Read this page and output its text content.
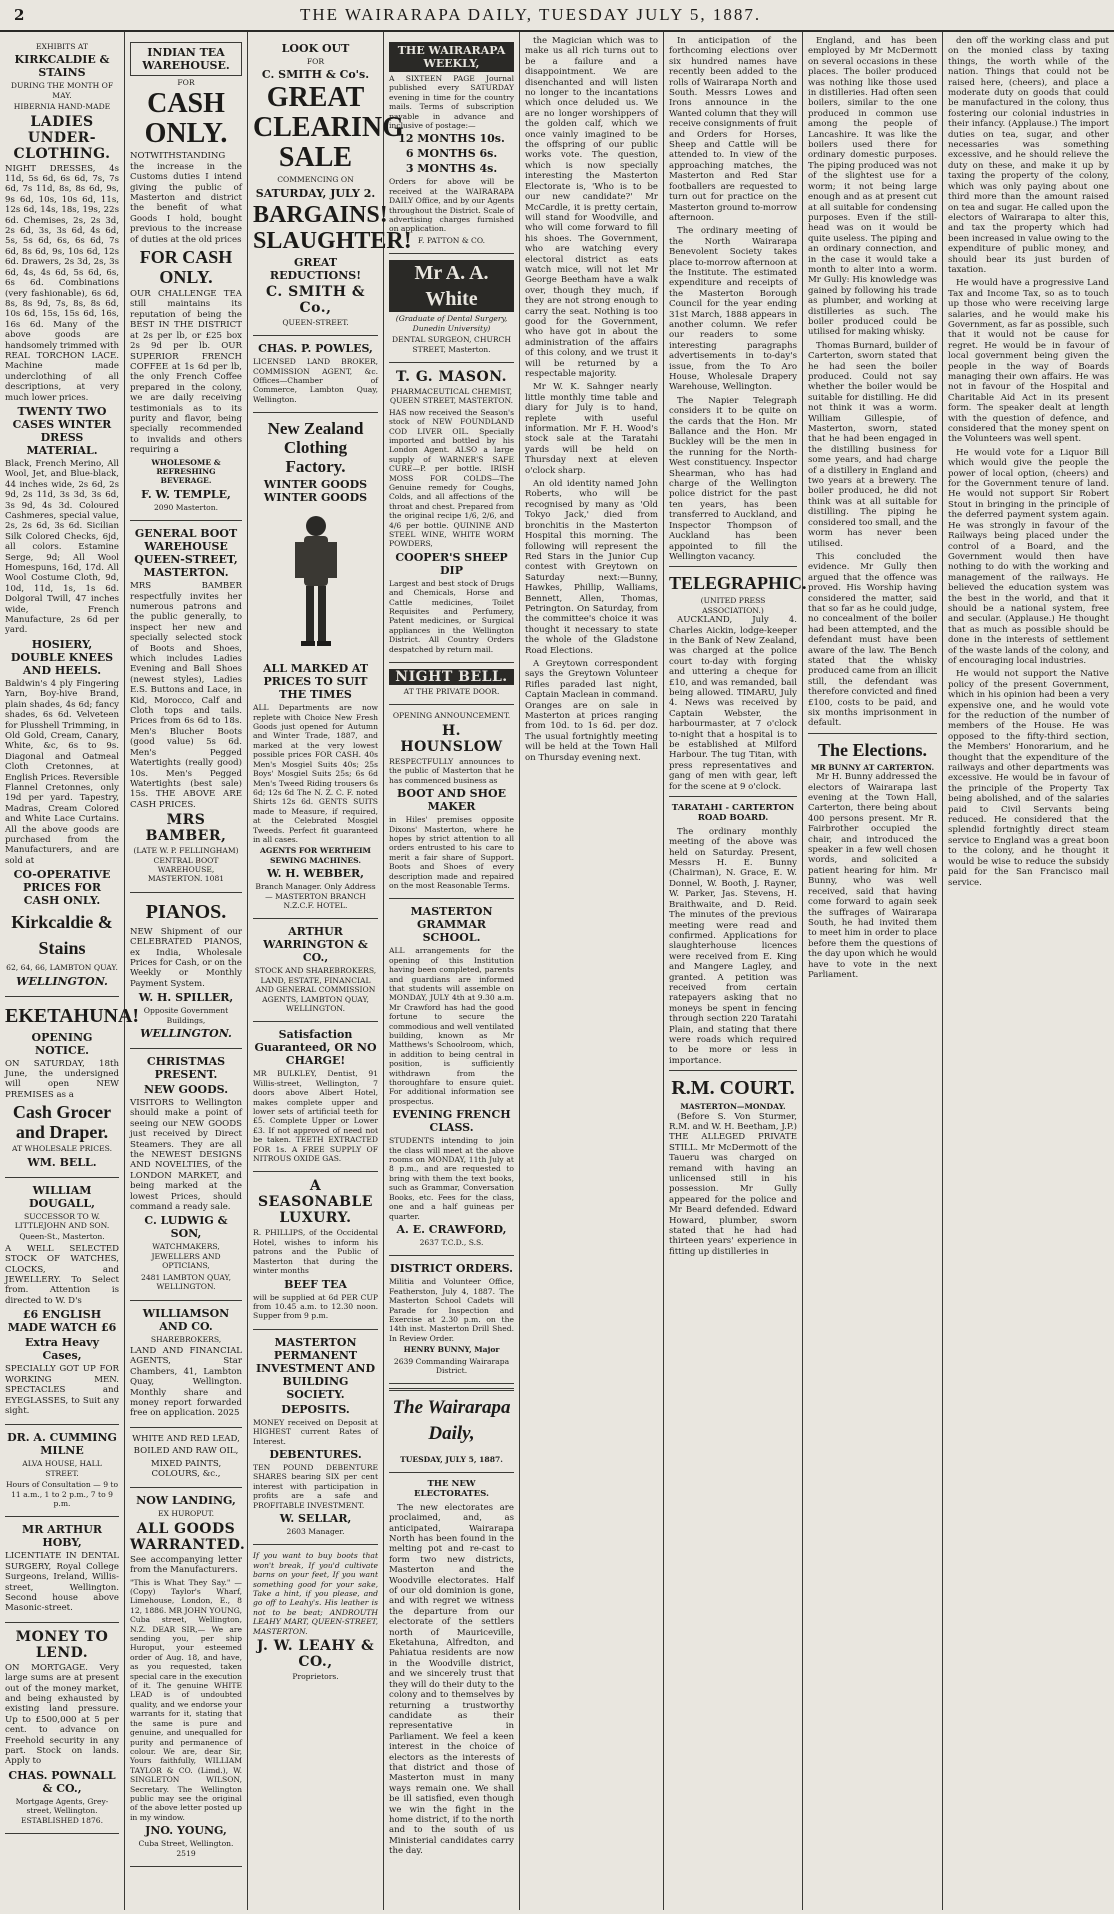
2	THE WAIRARAPA DAILY, TUESDAY JULY 5, 1887.

EXHIBITS AT

KIRKCALDIE & STAINS

DURING THE MONTH OF MAY.

HIBERNIA HAND-MADE

LADIES UNDER-CLOTHING.

NIGHT DRESSES, 4s 11d, 5s 6d, 6s 6d, 7s, 7s 6d, 7s 11d, 8s, 8s 6d, 9s, 9s 6d, 10s, 10s 6d, 11s, 12s 6d, 14s, 18s, 19s, 22s 6d. Chemises, 2s, 2s 3d, 2s 6d, 3s, 3s 6d, 4s 6d, 5s, 5s 6d, 6s, 6s 6d, 7s 6d, 8s 6d, 9s, 10s 6d, 12s 6d. Drawers, 2s 3d, 2s, 3s 6d, 4s, 4s 6d, 5s 6d, 6s, 6s 6d. Combinations (very fashionable), 6s 6d, 8s, 8s 9d, 7s, 8s, 8s 6d, 10s 6d, 15s, 15s 6d, 16s, 16s 6d. Many of the above goods are handsomely trimmed with REAL TORCHON LACE. Machine made underclothing of all descriptions, at very much lower prices.

TWENTY TWO CASES WINTER DRESS MATERIAL.

Black, French Merino, All Wool, Jet, and Blue-black, 44 inches wide, 2s 6d, 2s 9d, 2s 11d, 3s 3d, 3s 6d, 3s 9d, 4s 3d. Coloured Cashmeres, special value, 2s, 2s 6d, 3s 6d. Sicilian Silk Colored Checks, 6jd, all colors. Estamine Serge, 9d; All Wool Homespuns, 16d, 17d. All Wool Costume Cloth, 9d, 10d, 11d, 1s, 1s 6d. Dolgoral Twill, 47 inches wide, French Manufacture, 2s 6d per yard.

HOSIERY, DOUBLE KNEES AND HEELS.

Baldwin's 4 ply Fingering Yarn, Boy-hive Brand, plain shades, 4s 6d; fancy shades, 6s 6d. Velveteen for Plusshell Trimming, in Old Gold, Cream, Canary, White, &c, 6s to 9s. Diagonal and Oatmeal Cloth Cretonnes, at English Prices. Reversible Flannel Cretonnes, only 19d per yard. Tapestry, Madras, Cream Colored and White Lace Curtains. All the above goods are purchased from the Manufacturers, and are sold at

CO-OPERATIVE PRICES FOR CASH ONLY.

Kirkcaldie & Stains

62, 64, 66, LAMBTON QUAY.

WELLINGTON.

EKETAHUNA!

OPENING NOTICE.

ON SATURDAY, 18th June, the undersigned will open NEW PREMISES as a

Cash Grocer and Draper.

AT WHOLESALE PRICES.

WM. BELL.

WILLIAM DOUGALL,

SUCCESSOR TO W. LITTLEJOHN AND SON.

Queen-St., Masterton.

A WELL SELECTED STOCK OF WATCHES, CLOCKS, and JEWELLERY. To Select from. Attention is directed to W. D's

£6 ENGLISH MADE WATCH £6

Extra Heavy Cases,

SPECIALLY GOT UP FOR WORKING MEN. SPECTACLES and EYEGLASSES, to Suit any sight.

DR. A. CUMMING MILNE

ALVA HOUSE, HALL STREET.

Hours of Consultation — 9 to 11 a.m., 1 to 2 p.m., 7 to 9 p.m.

MR ARTHUR HOBY,

LICENTIATE IN DENTAL SURGERY, Royal College Surgeons, Ireland, Willis-street, Wellington. Second house above Masonic-street.

MONEY TO LEND.

ON MORTGAGE. Very large sums are at present out of the money market, and being exhausted by existing land pressure. Up to £500,000 at 5 per cent. to advance on Freehold security in any part. Stock on lands. Apply to

CHAS. POWNALL & CO.,

Mortgage Agents, Grey-street, Wellington. ESTABLISHED 1876.

INDIAN TEA WAREHOUSE.

FOR

CASH ONLY.

NOTWITHSTANDING the increase in the Customs duties I intend giving the public of Masterton and district the benefit of what Goods I hold, bought previous to the increase of duties at the old prices

FOR CASH ONLY.

OUR CHALLENGE TEA still maintains its reputation of being the BEST IN THE DISTRICT at 2s per lb, or £25 box 2s 9d per lb. OUR SUPERIOR FRENCH COFFEE at 1s 6d per lb, the only French Coffee prepared in the colony, we are daily receiving testimonials as to its purity and flavor, being specially recommended to invalids and others requiring a

WHOLESOME & REFRESHING BEVERAGE.

F. W. TEMPLE,

2090 Masterton.

GENERAL BOOT WAREHOUSE QUEEN-STREET, MASTERTON.

MRS BAMBER respectfully invites her numerous patrons and the public generally, to inspect her new and specially selected stock of Boots and Shoes, which includes Ladies Evening and Ball Shoes (newest styles), Ladies E.S. Buttons and Lace, in Kid, Morocco, Calf and Cloth tops and tails. Prices from 6s 6d to 18s. Men's Blucher Boots (good value) 5s 6d. Men's Pegged Watertights (really good) 10s. Men's Pegged Watertights (best sale) 15s. THE ABOVE ARE CASH PRICES.

MRS BAMBER,

(LATE W. P. FELLINGHAM) CENTRAL BOOT WAREHOUSE, MASTERTON. 1081

PIANOS.

NEW Shipment of our CELEBRATED PIANOS, ex India, Wholesale Prices for Cash, or on the Weekly or Monthly Payment System.

W. H. SPILLER,

Opposite Government Buildings,

WELLINGTON.

CHRISTMAS PRESENT.

NEW GOODS.

VISITORS to Wellington should make a point of seeing our NEW GOODS just received by Direct Steamers. They are all the NEWEST DESIGNS AND NOVELTIES, of the LONDON MARKET, and being marked at the lowest Prices, should command a ready sale.

C. LUDWIG & SON,

WATCHMAKERS, JEWELLERS AND OPTICIANS,

2481 LAMBTON QUAY, WELLINGTON.

WILLIAMSON AND CO.

SHAREBROKERS,

LAND AND FINANCIAL AGENTS, Star Chambers, 41, Lambton Quay, Wellington. Monthly share and money report forwarded free on application. 2025

WHITE AND RED LEAD,

BOILED AND RAW OIL,

MIXED PAINTS, COLOURS, &c.,

NOW LANDING,

EX HUROPUT.

ALL GOODS WARRANTED.

See accompanying letter from the Manufacturers.

"This is What They Say." — (Copy) Taylor's Wharf, Limehouse, London, E., 8 12, 1886. MR JOHN YOUNG, Cuba street, Wellington, N.Z. DEAR SIR,— We are sending you, per ship Huroput, your esteemed order of Aug. 18, and have, as you requested, taken special care in the execution of it. The genuine WHITE LEAD is of undoubted quality, and we endorse your warrants for it, stating that the same is pure and genuine, and unequalled for purity and permanence of colour. We are, dear Sir, Yours faithfully, WILLIAM TAYLOR & CO. (Limd.), W. SINGLETON WILSON, Secretary. The Wellington public may see the original of the above letter posted up in my window.

JNO. YOUNG,

Cuba Street, Wellington. 2519

LOOK OUT

FOR

C. SMITH & Co's.

GREAT CLEARING SALE

COMMENCING ON

SATURDAY, JULY 2.

BARGAINS! SLAUGHTER!

GREAT REDUCTIONS!

C. SMITH & Co.,

QUEEN-STREET.

CHAS. P. POWLES,

LICENSED LAND BROKER, COMMISSION AGENT, &c. Offices—Chamber of Commerce, Lambton Quay, Wellington.

New Zealand Clothing Factory.

WINTER GOODS WINTER GOODS

ALL MARKED AT PRICES TO SUIT THE TIMES

ALL Departments are now replete with Choice New Fresh Goods just opened for Autumn and Winter Trade, 1887, and marked at the very lowest possible prices FOR CASH. 40s Men's Mosgiel Suits 40s; 25s Boys' Mosgiel Suits 25s; 6s 6d Men's Tweed Riding trousers 6s 6d; 12s 6d The N. Z. C. F. noted Shirts 12s 6d. GENTS SUITS made to Measure, if required, at the Celebrated Mosgiel Tweeds. Perfect fit guaranteed in all cases.

AGENTS FOR WERTHEIM SEWING MACHINES.

W. H. WEBBER,

Branch Manager. Only Address — MASTERTON BRANCH N.Z.C.F. HOTEL.

ARTHUR WARRINGTON & CO.,

STOCK AND SHAREBROKERS, LAND, ESTATE, FINANCIAL AND GENERAL COMMISSION AGENTS, LAMBTON QUAY, WELLINGTON.

Satisfaction Guaranteed, OR NO CHARGE!

MR BULKLEY, Dentist, 91 Willis-street, Wellington, 7 doors above Albert Hotel, makes complete upper and lower sets of artificial teeth for £5. Complete Upper or Lower £3. If not approved of need not be taken. TEETH EXTRACTED FOR 1s. A FREE SUPPLY OF NITROUS OXIDE GAS.

A SEASONABLE LUXURY.

R. PHILLIPS, of the Occidental Hotel, wishes to inform his patrons and the Public of Masterton that during the winter months

BEEF TEA

will be supplied at 6d PER CUP from 10.45 a.m. to 12.30 noon. Supper from 9 p.m.

MASTERTON PERMANENT INVESTMENT AND BUILDING SOCIETY.

DEPOSITS.

MONEY received on Deposit at HIGHEST current Rates of Interest.

DEBENTURES.

TEN POUND DEBENTURE SHARES bearing SIX per cent interest with participation in profits are a safe and PROFITABLE INVESTMENT.

W. SELLAR,

2603 Manager.

If you want to buy boots that won't break, If you'd cultivate barns on your feet, If you want something good for your sake, Take a hint, if you please, and go off to Leahy's. His leather is not to be beat; ANDROUTH LEAHY MART, QUEEN-STREET, MASTERTON.

J. W. LEAHY & CO.,

Proprietors.

THE WAIRARAPA WEEKLY,

A SIXTEEN PAGE Journal published every SATURDAY evening in time for the country mails. Terms of subscription payable in advance and inclusive of postage:—

12 MONTHS 10s.

6 MONTHS 6s.

3 MONTHS 4s.

Orders for above will be received at the WAIRARAPA DAILY Office, and by our Agents throughout the District. Scale of advertising charges furnished on application.

F. PATTON & CO.

Mr A. A. White

(Graduate of Dental Surgery, Dunedin University)

DENTAL SURGEON, CHURCH STREET, Masterton.

T. G. MASON.

PHARMACEUTICAL CHEMIST, QUEEN STREET, MASTERTON.

HAS now received the Season's stock of NEW FOUNDLAND COD LIVER OIL. Specially imported and bottled by his London Agent. ALSO a large supply of WARNER'S SAFE CURE—P. per bottle. IRISH MOSS FOR COLDS—The Genuine remedy for Coughs, Colds, and all affections of the throat and chest. Prepared from the original recipe 1/6, 2/6, and 4/6 per bottle. QUININE AND STEEL WINE, WHITE WORM POWDERS,

COOPER'S SHEEP DIP

Largest and best stock of Drugs and Chemicals, Horse and Cattle medicines, Toilet Requisites and Perfumery, Patent medicines, or Surgical appliances in the Wellington District. All Country Orders despatched by return mail.

NIGHT BELL.

AT THE PRIVATE DOOR.

OPENING ANNOUNCEMENT.

H. HOUNSLOW

RESPECTFULLY announces to the public of Masterton that he has commenced business as

BOOT AND SHOE MAKER

in Hiles' premises opposite Dixons' Masterton, where he hopes by strict attention to all orders entrusted to his care to merit a fair share of Support. Boots and Shoes of every description made and repaired on the most Reasonable Terms.

MASTERTON GRAMMAR SCHOOL.

ALL arrangements for the opening of this Institution having been completed, parents and guardians are informed that students will assemble on MONDAY, JULY 4th at 9.30 a.m. Mr Crawford has had the good fortune to secure the commodious and well ventilated building, known as Mr Matthews's Schoolroom, which, in addition to being central in position, is sufficiently withdrawn from the thoroughfare to ensure quiet. For additional information see prospectus.

EVENING FRENCH CLASS.

STUDENTS intending to join the class will meet at the above rooms on MONDAY, 11th July at 8 p.m., and are requested to bring with them the text books, such as Grammar, Conversation Books, etc. Fees for the class, one and a half guineas per quarter.

A. E. CRAWFORD,

2637 T.C.D., S.S.

DISTRICT ORDERS.

Militia and Volunteer Office, Featherston, July 4, 1887. The Masterton School Cadets will Parade for Inspection and Exercise at 2.30 p.m. on the 14th inst. Masterton Drill Shed. In Review Order.

HENRY BUNNY, Major

2639 Commanding Wairarapa District.

The Wairarapa Daily,

TUESDAY, JULY 5, 1887.

THE NEW ELECTORATES.

The new electorates are proclaimed, and, as anticipated, Wairarapa North has been found in the melting pot and re-cast to form two new districts, Masterton and the Woodville electorates. Half of our old dominion is gone, and with regret we witness the departure from our electorate of the settlers north of Mauriceville, Eketahuna, Alfredton, and Pahiatua residents are now in the Woodville district, and we sincerely trust that they will do their duty to the colony and to themselves by returning a trustworthy candidate as their representative in Parliament. We feel a keen interest in the choice of electors as the interests of that district and those of Masterton must in many ways remain one. We shall be ill satisfied, even though we win the fight in the home district, if to the north and to the south of us Ministerial candidates carry the day.

the Magician which was to make us all rich turns out to be a failure and a disappointment. We are disenchanted and will listen no longer to the incantations which once deluded us. We are no longer worshippers of the golden calf, which we once vainly imagined to be the offspring of our public works vote. The question, which is now specially interesting the Masterton Electorate is, 'Who is to be our new candidate?' Mr McCardle, it is pretty certain, will stand for Woodville, and who will come forward to fill his shoes. The Government, who are watching every electoral district as eats watch mice, will not let Mr George Beetham have a walk over, though they much, if they are not strong enough to carry the seat. Nothing is too good for the Government, who have got in about the administration of the affairs of this colony, and we trust it will be returned by a respectable majority.

Mr W. K. Sahnger nearly little monthly time table and diary for July is to hand, replete with useful information. Mr F. H. Wood's stock sale at the Taratahi yards will be held on Thursday next at eleven o'clock sharp.

An old identity named John Roberts, who will be recognised by many as 'Old Tokyo Jack,' died from bronchitis in the Masterton Hospital this morning. The following will represent the Red Stars in the Junior Cup contest with Greytown on Saturday next:—Bunny, Hawkes, Phillip, Walliams, Bennett, Allen, Thomas, Petrington. On Saturday, from the committee's choice it was thought it necessary to state the whole of the Gladstone Road Elections.

A Greytown correspondent says the Greytown Volunteer Rifles paraded last night, Captain Maclean in command. Oranges are on sale in Masterton at prices ranging from 10d. to 1s 6d. per doz. The usual fortnightly meeting will be held at the Town Hall on Thursday evening next.

In anticipation of the forthcoming elections over six hundred names have recently been added to the rolls of Wairarapa North and South. Messrs Lowes and Irons announce in the Wanted column that they will receive consignments of fruit and Orders for Horses, Sheep and Cattle will be attended to. In view of the approaching matches, the Masterton and Red Star footballers are requested to turn out for practice on the Masterton ground to-morrow afternoon.

The ordinary meeting of the North Wairarapa Benevolent Society takes place to-morrow afternoon at the Institute. The estimated expenditure and receipts of the Masterton Borough Council for the year ending 31st March, 1888 appears in another column. We refer our readers to some interesting paragraphs advertisements in to-day's issue, from the To Aro House, Wholesale Drapery Warehouse, Wellington.

The Napier Telegraph considers it to be quite on the cards that the Hon. Mr Ballance and the Hon. Mr Buckley will be the men in the running for the North-West constituency. Inspector Shearman, who has had charge of the Wellington police district for the past ten years, has been transferred to Auckland, and Inspector Thompson of Auckland has been appointed to fill the Wellington vacancy.

TELEGRAPHIC.
(UNITED PRESS ASSOCIATION.)

AUCKLAND, July 4. Charles Aickin, lodge-keeper in the Bank of New Zealand, was charged at the police court to-day with forging and uttering a cheque for £10, and was remanded, bail being allowed. TIMARU, July 4. News was received by Captain Webster, the harbourmaster, at 7 o'clock to-night that a hospital is to be established at Milford Harbour. The tug Titan, with press representatives and gang of men with gear, left for the scene at 9 o'clock.

TARATAHI - CARTERTON ROAD BOARD.

The ordinary monthly meeting of the above was held on Saturday. Present, Messrs H. E. Bunny (Chairman), N. Grace, E. W. Donnel, W. Booth, J. Rayner, W. Parker, Jas. Stevens, H. Braithwaite, and D. Reid. The minutes of the previous meeting were read and confirmed. Applications for slaughterhouse licences were received from E. King and Mangere Lagley, and granted. A petition was received from certain ratepayers asking that no moneys be spent in fencing through section 220 Taratahi Plain, and stating that there were roads which required to be more or less in importance.

R.M. COURT.
MASTERTON—MONDAY.

(Before S. Von Sturmer, R.M. and W. H. Beetham, J.P.) THE ALLEGED PRIVATE STILL. Mr McDermott of the Taueru was charged on remand with having an unlicensed still in his possession. Mr Gully appeared for the police and Mr Beard defended. Edward Howard, plumber, sworn stated that he had had thirteen years' experience in fitting up distilleries in

England, and has been employed by Mr McDermott on several occasions in these places. The boiler produced was nothing like those used in distilleries. Had often seen boilers, similar to the one produced in common use among the people of Lancashire. It was like the boilers used there for ordinary domestic purposes. The piping produced was not of the slightest use for a worm; it not being large enough and as at present cut at all suitable for condensing purposes. Even if the still-head was on it would be quite useless. The piping and an ordinary connection, and in the case it would take a month to alter into a worm. Mr Gully: His knowledge was gained by following his trade as plumber, and working at distilleries as such. The boiler produced could be utilised for making whisky.

Thomas Burnard, builder of Carterton, sworn stated that he had seen the boiler produced. Could not say whether the boiler would be suitable for distilling. He did not think it was a worm. William Gillespie, of Masterton, sworn, stated that he had been engaged in the distilling business for some years, and had charge of a distillery in England and two years at a brewery. The boiler produced, he did not think was at all suitable for distilling. The piping he considered too small, and the worm has never been utilised.

This concluded the evidence. Mr Gully then argued that the offence was proved. His Worship having considered the matter, said that so far as he could judge, no concealment of the boiler had been attempted, and the defendant must have been aware of the law. The Bench stated that the whisky produced came from an illicit still, the defendant was therefore convicted and fined £100, costs to be paid, and six months imprisonment in default.

The Elections.
MR BUNNY AT CARTERTON.

Mr H. Bunny addressed the electors of Wairarapa last evening at the Town Hall, Carterton, there being about 400 persons present. Mr R. Fairbrother occupied the chair, and introduced the speaker in a few well chosen words, and solicited a patient hearing for him. Mr Bunny, who was well received, said that having come forward to again seek the suffrages of Wairarapa South, he had invited them to meet him in order to place before them the questions of the day upon which he would have to vote in the next Parliament.

den off the working class and put on the monied class by taxing things, the worth while of the nation. Things that could not be raised here, (cheers), and place a moderate duty on goods that could be manufactured in the colony, thus fostering our colonial industries in their infancy. (Applause.) The import duties on tea, sugar, and other necessaries was something excessive, and he should relieve the duty on these, and make it up by taxing the property of the colony, which was only paying about one third more than the amount raised on tea and sugar. He called upon the electors of Wairarapa to alter this, and tax the property which had been increased in value owing to the expenditure of public money, and should bear its just burden of taxation.

He would have a progressive Land Tax and Income Tax, so as to touch up those who were receiving large salaries, and he would make his Government, as far as possible, such that it would not be cause for regret. He would be in favour of local government being given the people in the way of Boards managing their own affairs. He was not in favour of the Hospital and Charitable Aid Act in its present form. The speaker dealt at length with the question of defence, and considered that the money spent on the Volunteers was well spent.

He would vote for a Liquor Bill which would give the people the power of local option, (cheers) and for the Government tenure of land. He would not support Sir Robert Stout in bringing in the principle of the deferred payment system again. He was strongly in favour of the Railways being placed under the control of a Board, and the Government would then have nothing to do with the working and management of the railways. He believed the education system was the best in the world, and that it should be a national system, free and secular. (Applause.) He thought that as much as possible should be done in the interests of settlement of the waste lands of the colony, and of encouraging local industries.

He would not support the Native policy of the present Government, which in his opinion had been a very expensive one, and he would vote for the reduction of the number of members of the House. He was opposed to the fifty-third section, the Members' Honorarium, and he thought that the expenditure of the railways and other departments was excessive. He would be in favour of the principle of the Property Tax being abolished, and of the salaries paid to Civil Servants being reduced. He considered that the splendid fortnightly direct steam service to England was a great boon to the colony, and he thought it would be wise to reduce the subsidy paid for the San Francisco mail service.
